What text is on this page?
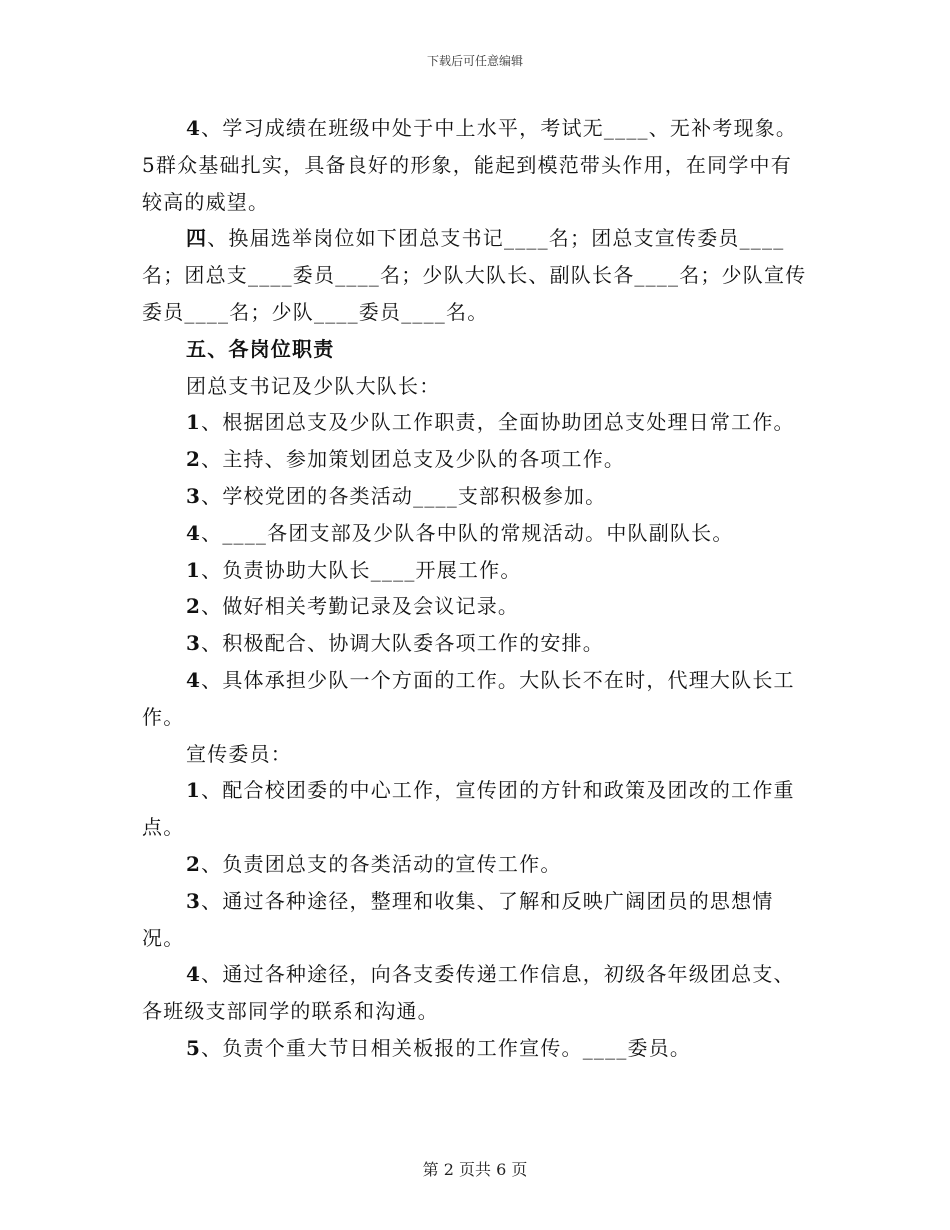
下载后可任意编辑

4、学习成绩在班级中处于中上水平，考试无____、无补考现象。

5群众基础扎实，具备良好的形象，能起到模范带头作用，在同学中有较高的威望。

四、换届选举岗位如下团总支书记____名；团总支宣传委员____名；团总支____委员____名；少队大队长、副队长各____名；少队宣传委员____名；少队____委员____名。

五、各岗位职责

团总支书记及少队大队长：

1、根据团总支及少队工作职责，全面协助团总支处理日常工作。

2、主持、参加策划团总支及少队的各项工作。

3、学校党团的各类活动____支部积极参加。

4、____各团支部及少队各中队的常规活动。中队副队长。

1、负责协助大队长____开展工作。

2、做好相关考勤记录及会议记录。

3、积极配合、协调大队委各项工作的安排。

4、具体承担少队一个方面的工作。大队长不在时，代理大队长工作。

宣传委员：

1、配合校团委的中心工作，宣传团的方针和政策及团改的工作重点。

2、负责团总支的各类活动的宣传工作。

3、通过各种途径，整理和收集、了解和反映广阔团员的思想情况。

4、通过各种途径，向各支委传递工作信息，初级各年级团总支、各班级支部同学的联系和沟通。

5、负责个重大节日相关板报的工作宣传。____委员。

第 2 页共 6 页
